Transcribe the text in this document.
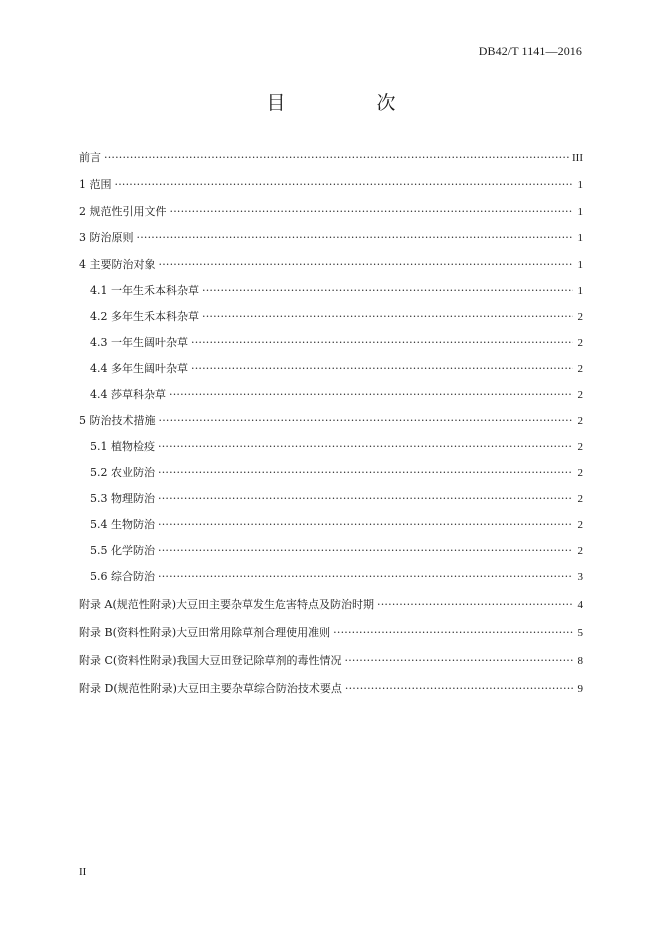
DB42/T 1141—2016
目　次
前言 ·····	III
1 范围 ·····	1
2 规范性引用文件 ·····	1
3 防治原则 ·····	1
4 主要防治对象 ·····	1
4.1 一年生禾本科杂草 ·····	1
4.2 多年生禾本科杂草 ·····	2
4.3 一年生阔叶杂草 ·····	2
4.4 多年生阔叶杂草 ·····	2
4.4 莎草科杂草 ·····	2
5 防治技术措施 ·····	2
5.1 植物检疫 ·····	2
5.2 农业防治 ·····	2
5.3 物理防治 ·····	2
5.4 生物防治 ·····	2
5.5 化学防治 ·····	2
5.6 综合防治 ·····	3
附录 A(规范性附录)大豆田主要杂草发生危害特点及防治时期 ·····	4
附录 B(资料性附录)大豆田常用除草剂合理使用准则 ·····	5
附录 C(资料性附录)我国大豆田登记除草剂的毒性情况 ·····	8
附录 D(规范性附录)大豆田主要杂草综合防治技术要点 ·····	9
II
